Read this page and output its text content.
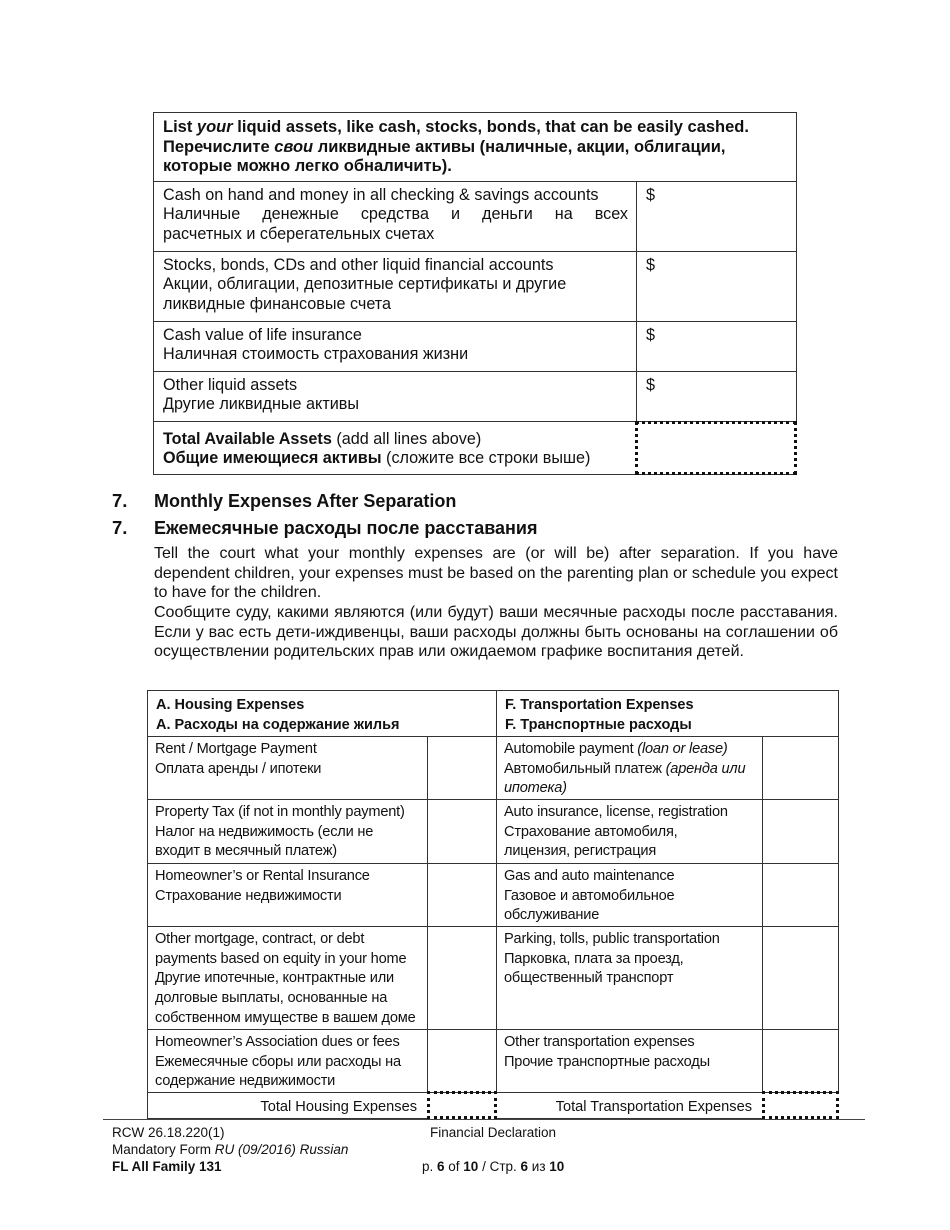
List your liquid assets, like cash, stocks, bonds, that can be easily cashed.
Перечислите свои ликвидные активы (наличные, акции, облигации,
которые можно легко обналичить).
Cash on hand and money in all checking & savings accounts
Наличные денежные средства и деньги на всех
расчетных и сберегательных счетах
$
Stocks, bonds, CDs and other liquid financial accounts
Акции, облигации, депозитные сертификаты и другие
ликвидные финансовые счета
$
Cash value of life insurance
Наличная стоимость страхования жизни
$
Other liquid assets
Другие ликвидные активы
$
Total Available Assets (add all lines above)
Общие имеющиеся активы (сложите все строки выше)
7. Monthly Expenses After Separation
7. Ежемесячные расходы после расставания
Tell the court what your monthly expenses are (or will be) after separation. If you have dependent children, your expenses must be based on the parenting plan or schedule you expect to have for the children.
Сообщите суду, какими являются (или будут) ваши месячные расходы после расставания. Если у вас есть дети-иждивенцы, ваши расходы должны быть основаны на соглашении об осуществлении родительских прав или ожидаемом графике воспитания детей.
A. Housing Expenses
A. Расходы на содержание жилья
F. Transportation Expenses
F. Транспортные расходы
Rent / Mortgage Payment
Оплата аренды / ипотеки
Automobile payment (loan or lease)
Автомобильный платеж (аренда или
ипотека)
Property Tax (if not in monthly payment)
Налог на недвижимость (если не
входит в месячный платеж)
Auto insurance, license, registration
Страхование автомобиля,
лицензия, регистрация
Homeowner’s or Rental Insurance
Страхование недвижимости
Gas and auto maintenance
Газовое и автомобильное
обслуживание
Other mortgage, contract, or debt
payments based on equity in your home
Другие ипотечные, контрактные или
долговые выплаты, основанные на
собственном имуществе в вашем доме
Parking, tolls, public transportation
Парковка, плата за проезд,
общественный транспорт
Homeowner’s Association dues or fees
Ежемесячные сборы или расходы на
содержание недвижимости
Other transportation expenses
Прочие транспортные расходы
Total Housing Expenses	Total Transportation Expenses
RCW 26.18.220(1)
Mandatory Form RU (09/2016) Russian
FL All Family 131
Financial Declaration
p. 6 of 10 / Стр. 6 из 10
